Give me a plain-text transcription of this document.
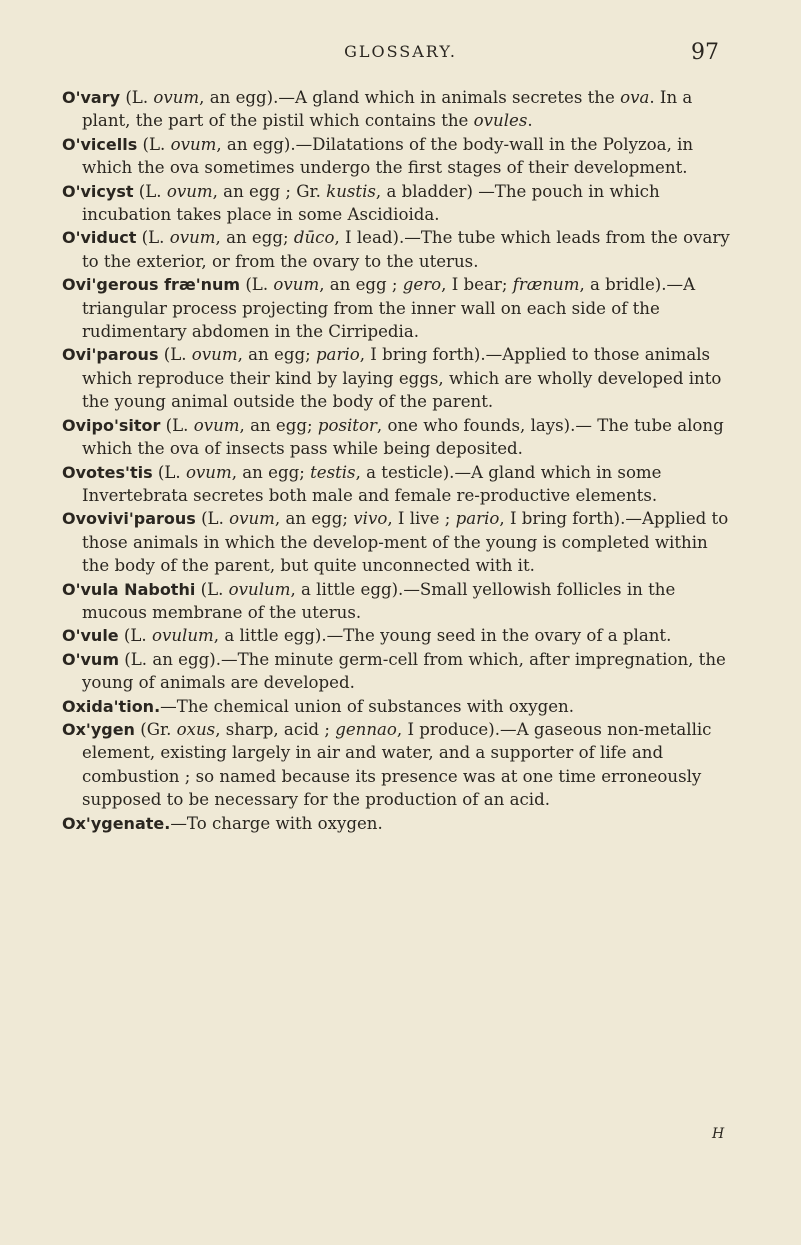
GLOSSARY.	97

O'vary (L. ovum, an egg).—A gland which in animals secretes the ova. In a plant, the part of the pistil which contains the ovules.

O'vicells (L. ovum, an egg).—Dilatations of the body-wall in the Polyzoa, in which the ova sometimes undergo the first stages of their development.

O'vicyst (L. ovum, an egg ; Gr. kustis, a bladder) —The pouch in which incubation takes place in some Ascidioida.

O'viduct (L. ovum, an egg; dūco, I lead).—The tube which leads from the ovary to the exterior, or from the ovary to the uterus.

Ovi'gerous fræ'num (L. ovum, an egg ; gero, I bear; frænum, a bridle).—A triangular process projecting from the inner wall on each side of the rudimentary abdomen in the Cirripedia.

Ovi'parous (L. ovum, an egg; pario, I bring forth).—Applied to those animals which reproduce their kind by laying eggs, which are wholly developed into the young animal outside the body of the parent.

Ovipo'sitor (L. ovum, an egg; positor, one who founds, lays).— The tube along which the ova of insects pass while being deposited.

Ovotes'tis (L. ovum, an egg; testis, a testicle).—A gland which in some Invertebrata secretes both male and female re-productive elements.

Ovovivi'parous (L. ovum, an egg; vivo, I live ; pario, I bring forth).—Applied to those animals in which the develop-ment of the young is completed within the body of the parent, but quite unconnected with it.

O'vula Nabothi (L. ovulum, a little egg).—Small yellowish follicles in the mucous membrane of the uterus.

O'vule (L. ovulum, a little egg).—The young seed in the ovary of a plant.

O'vum (L. an egg).—The minute germ-cell from which, after impregnation, the young of animals are developed.

Oxida'tion.—The chemical union of substances with oxygen.

Ox'ygen (Gr. oxus, sharp, acid ; gennao, I produce).—A gaseous non-metallic element, existing largely in air and water, and a supporter of life and combustion ; so named because its presence was at one time erroneously supposed to be necessary for the production of an acid.

Ox'ygenate.—To charge with oxygen.

H
